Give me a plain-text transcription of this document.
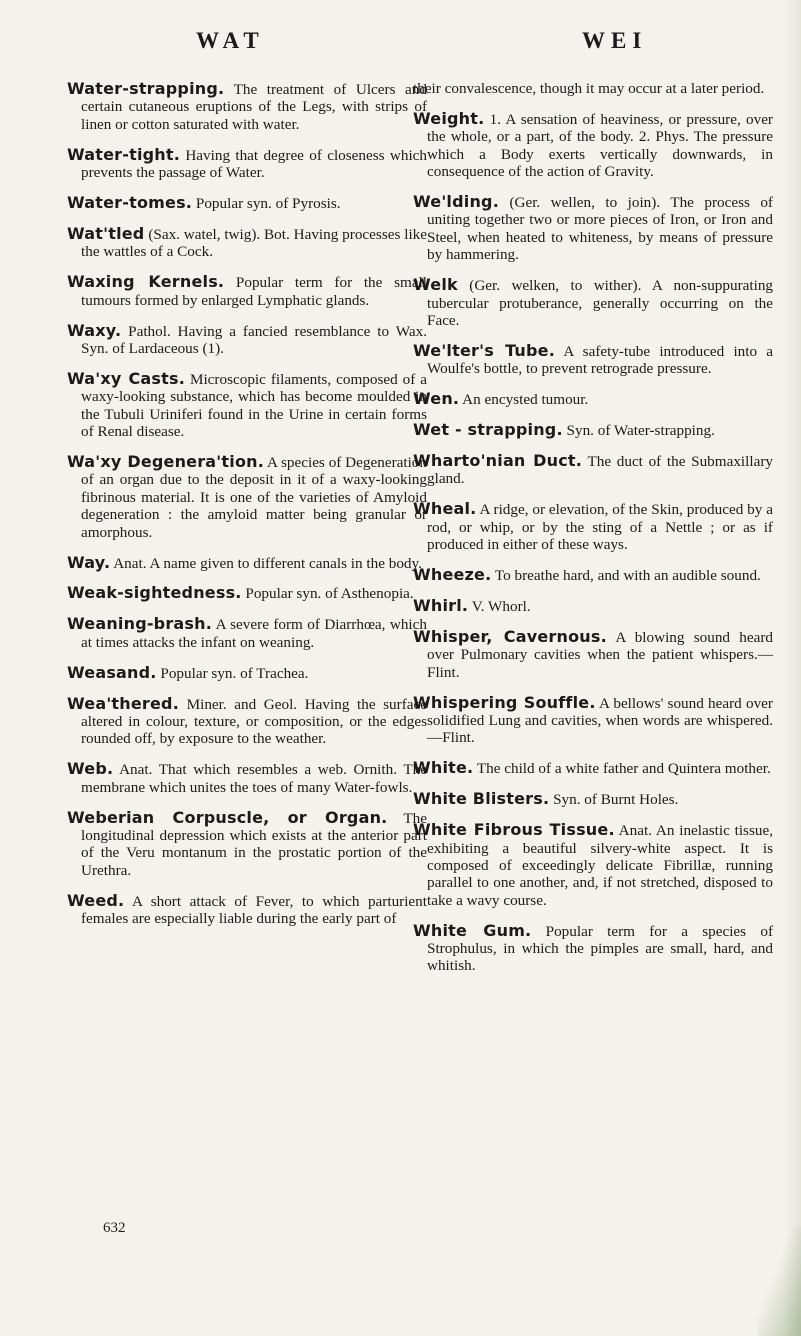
WAT	WEI

Water-strapping. The treatment of Ulcers and certain cutaneous eruptions of the Legs, with strips of linen or cotton saturated with water.

Water-tight. Having that degree of closeness which prevents the passage of Water.

Water-tomes. Popular syn. of Pyrosis.

Wat'tled (Sax. watel, twig). Bot. Having processes like the wattles of a Cock.

Waxing Kernels. Popular term for the small tumours formed by enlarged Lymphatic glands.

Waxy. Pathol. Having a fancied resemblance to Wax. Syn. of Lardaceous (1).

Wa'xy Casts. Microscopic filaments, composed of a waxy-looking substance, which has become moulded in the Tubuli Uriniferi found in the Urine in certain forms of Renal disease.

Wa'xy Degenera'tion. A species of Degeneration of an organ due to the deposit in it of a waxy-looking fibrinous material. It is one of the varieties of Amyloid degeneration : the amyloid matter being granular or amorphous.

Way. Anat. A name given to different canals in the body.

Weak-sightedness. Popular syn. of Asthenopia.

Weaning-brash. A severe form of Diarrhœa, which at times attacks the infant on weaning.

Weasand. Popular syn. of Trachea.

Wea'thered. Miner. and Geol. Having the surface altered in colour, texture, or composition, or the edges rounded off, by exposure to the weather.

Web. Anat. That which resembles a web. Ornith. The membrane which unites the toes of many Water-fowls.

Weberian Corpuscle, or Organ. The longitudinal depression which exists at the anterior part of the Veru montanum in the prostatic portion of the Urethra.

Weed. A short attack of Fever, to which parturient females are especially liable during the early part of

their convalescence, though it may occur at a later period.

Weight. 1. A sensation of heaviness, or pressure, over the whole, or a part, of the body. 2. Phys. The pressure which a Body exerts vertically downwards, in consequence of the action of Gravity.

We'lding. (Ger. wellen, to join). The process of uniting together two or more pieces of Iron, or Iron and Steel, when heated to whiteness, by means of pressure by hammering.

Welk (Ger. welken, to wither). A non-suppurating tubercular protuberance, generally occurring on the Face.

We'lter's Tube. A safety-tube introduced into a Woulfe's bottle, to prevent retrograde pressure.

Wen. An encysted tumour.

Wet - strapping. Syn. of Water-strapping.

Wharto'nian Duct. The duct of the Submaxillary gland.

Wheal. A ridge, or elevation, of the Skin, produced by a rod, or whip, or by the sting of a Nettle ; or as if produced in either of these ways.

Wheeze. To breathe hard, and with an audible sound.

Whirl. V. Whorl.

Whisper, Cavernous. A blowing sound heard over Pulmonary cavities when the patient whispers.—Flint.

Whispering Souffle. A bellows' sound heard over solidified Lung and cavities, when words are whispered. —Flint.

White. The child of a white father and Quintera mother.

White Blisters. Syn. of Burnt Holes.

White Fibrous Tissue. Anat. An inelastic tissue, exhibiting a beautiful silvery-white aspect. It is composed of exceedingly delicate Fibrillæ, running parallel to one another, and, if not stretched, disposed to take a wavy course.

White Gum. Popular term for a species of Strophulus, in which the pimples are small, hard, and whitish.

632
